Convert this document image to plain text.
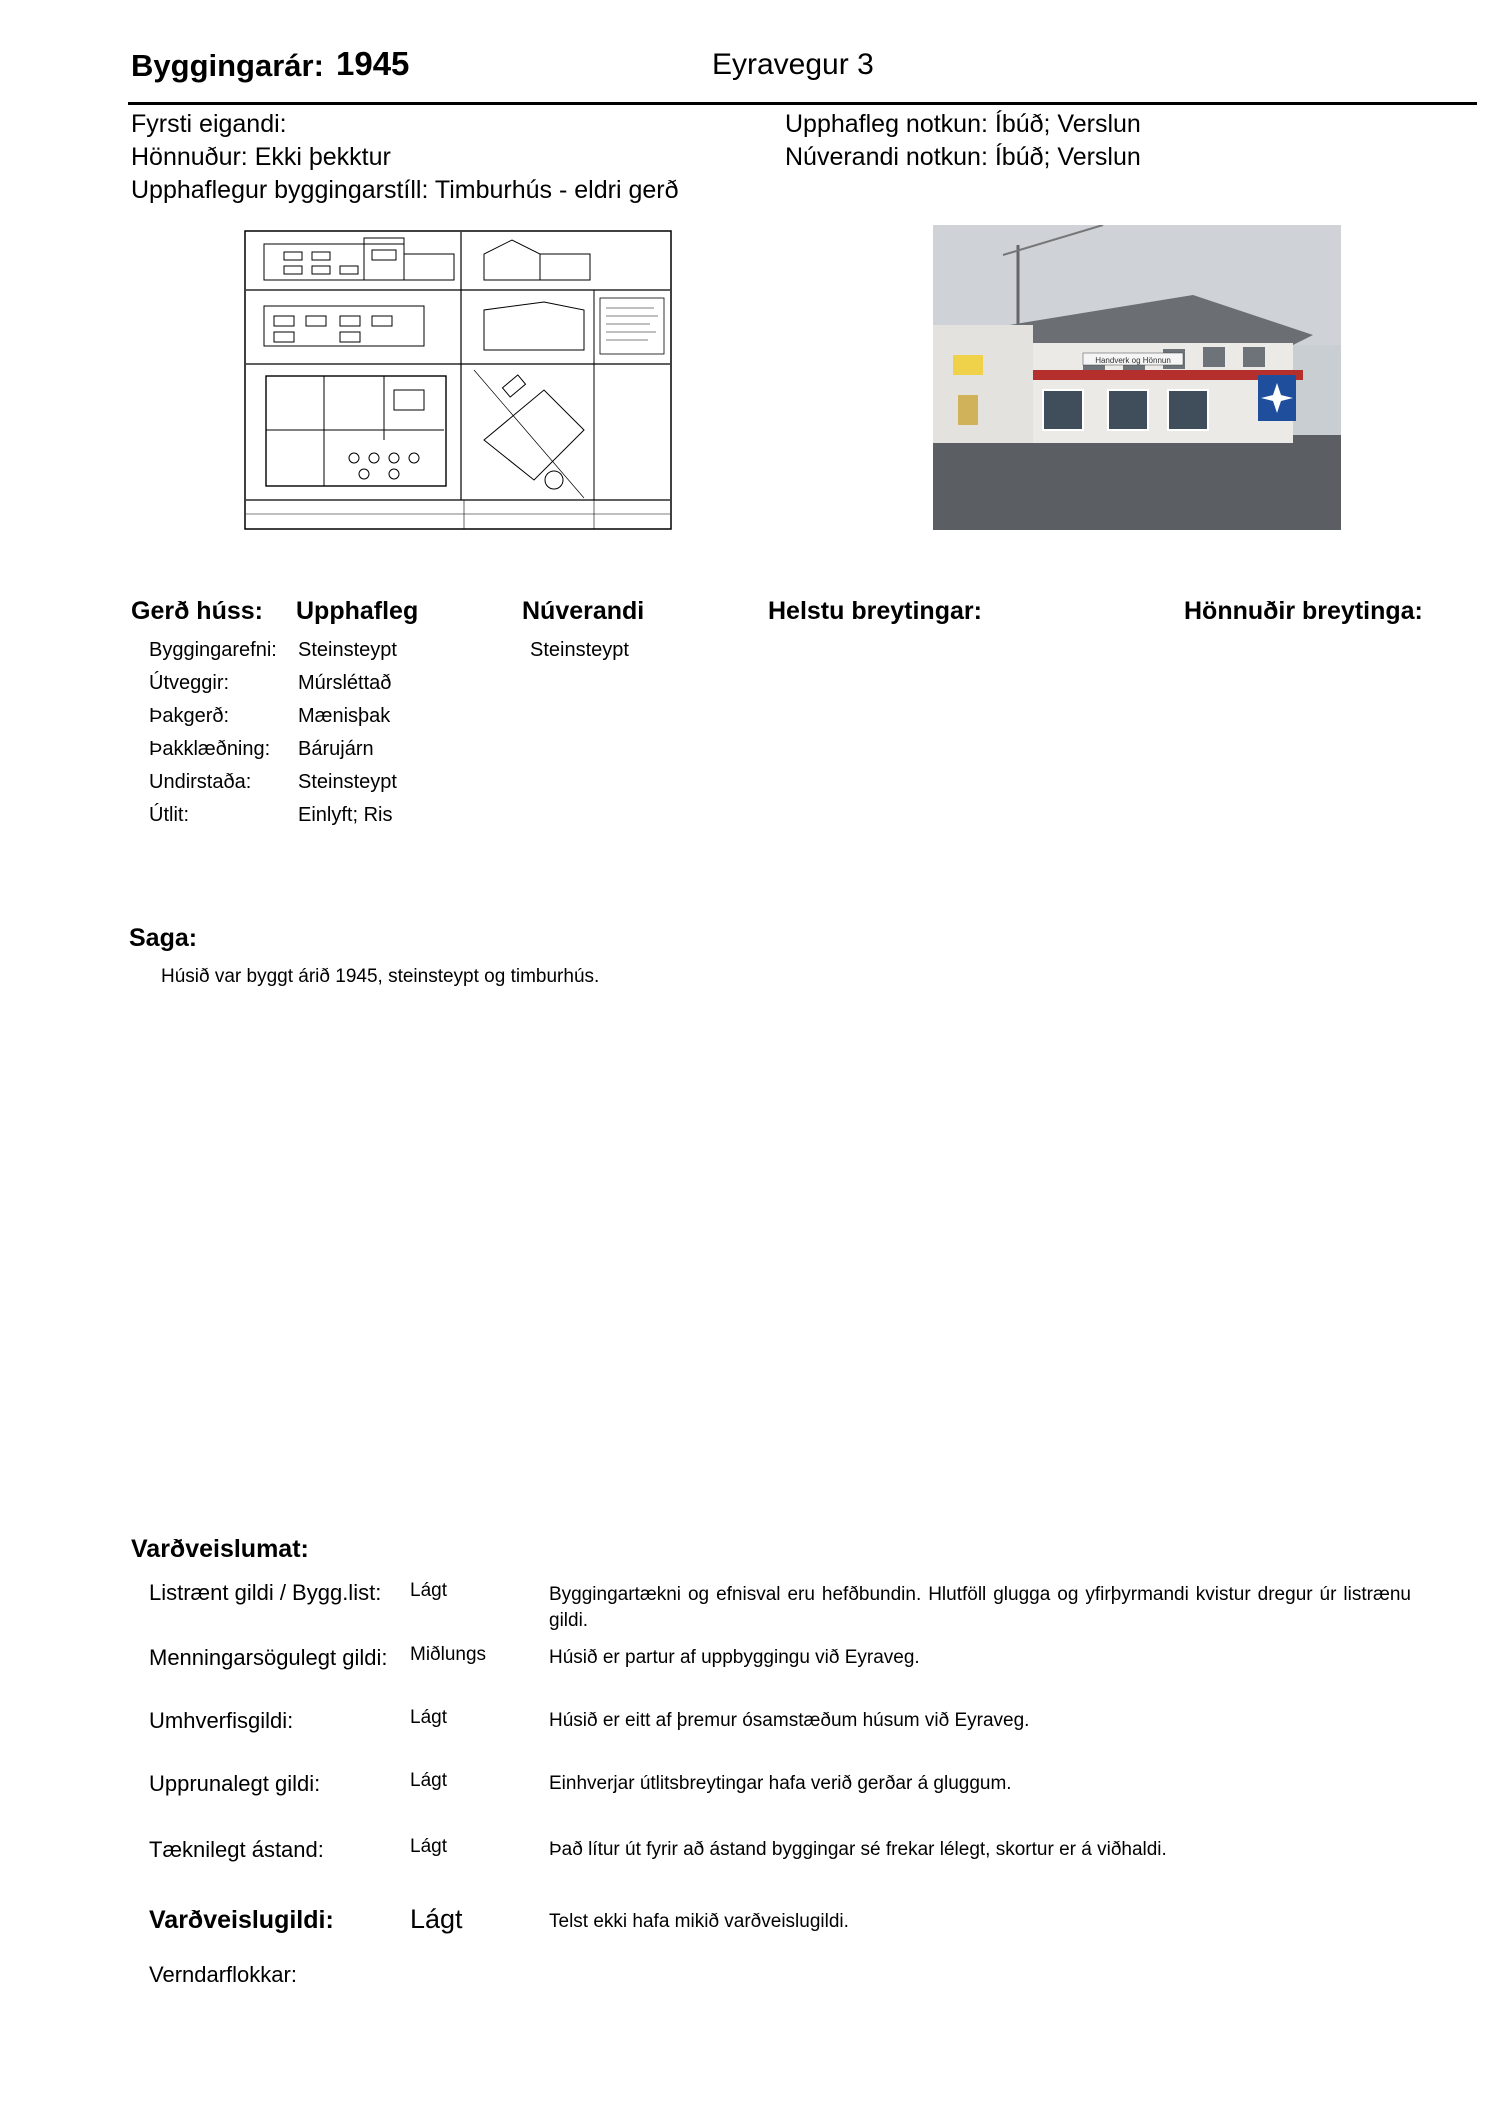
Byggingarár: 1945	Eyravegur 3
Fyrsti eigandi:
Hönnuður: Ekki þekktur
Upphaflegur byggingarstíll: Timburhús - eldri gerð
Upphafleg notkun: Íbúð; Verslun
Núverandi notkun: Íbúð; Verslun
Handverk og Hönnun
Gerð húss: Upphafleg	Núverandi	Helstu breytingar:	Hönnuðir breytinga:
Byggingarefni: Steinsteypt	Steinsteypt
Útveggir:	Múrsléttað
Þakgerð:	Mænisþak
Þakklæðning: Bárujárn
Undirstaða: Steinsteypt
Útlit:	Einlyft; Ris
Saga:
Húsið var byggt árið 1945, steinsteypt og timburhús.
Varðveislumat:
Listrænt gildi / Bygg.list: Lágt	Byggingartækni og efnisval eru hefðbundin. Hlutföll glugga og yfirþyrmandi kvistur dregur úr listrænu gildi.
Menningarsögulegt gildi: Miðlungs	Húsið er partur af uppbyggingu við Eyraveg.
Umhverfisgildi:	Lágt	Húsið er eitt af þremur ósamstæðum húsum við Eyraveg.
Upprunalegt gildi:	Lágt	Einhverjar útlitsbreytingar hafa verið gerðar á gluggum.
Tæknilegt ástand:	Lágt	Það lítur út fyrir að ástand byggingar sé frekar lélegt, skortur er á viðhaldi.
Varðveislugildi:	Lágt	Telst ekki hafa mikið varðveislugildi.
Verndarflokkar:
